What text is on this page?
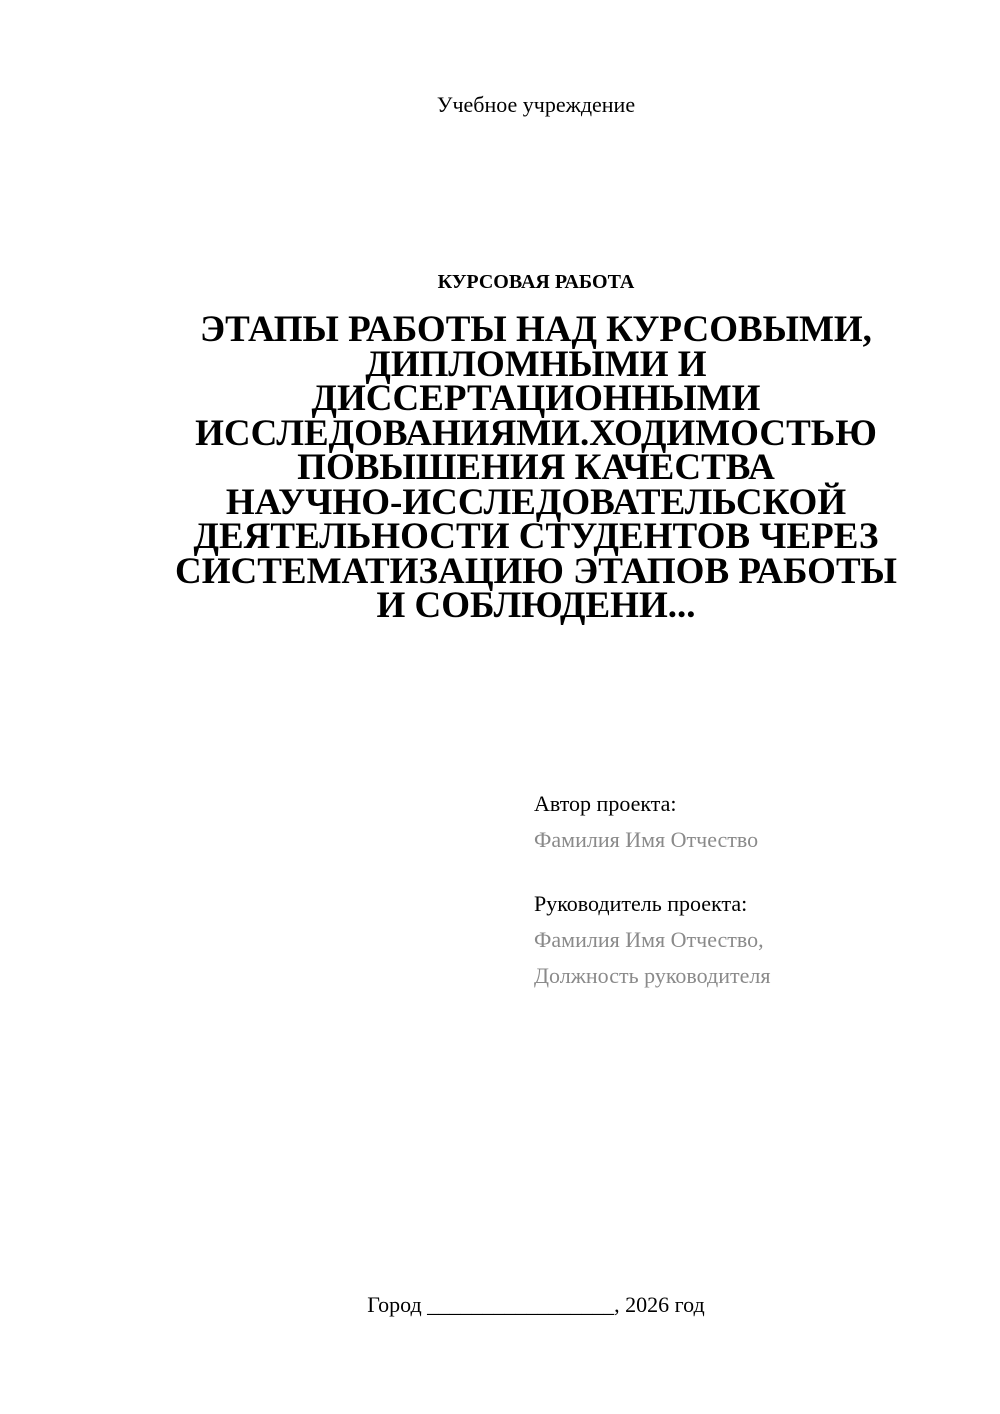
Учебное учреждение
КУРСОВАЯ РАБОТА
ЭТАПЫ РАБОТЫ НАД КУРСОВЫМИ,
ДИПЛОМНЫМИ И
ДИССЕРТАЦИОННЫМИ
ИССЛЕДОВАНИЯМИ.ХОДИМОСТЬЮ
ПОВЫШЕНИЯ КАЧЕСТВА
НАУЧНО-ИССЛЕДОВАТЕЛЬСКОЙ
ДЕЯТЕЛЬНОСТИ СТУДЕНТОВ ЧЕРЕЗ
СИСТЕМАТИЗАЦИЮ ЭТАПОВ РАБОТЫ
И СОБЛЮДЕНИ...
Автор проекта:
Фамилия Имя Отчество
Руководитель проекта:
Фамилия Имя Отчество,
Должность руководителя
Город _________________, 2026 год
